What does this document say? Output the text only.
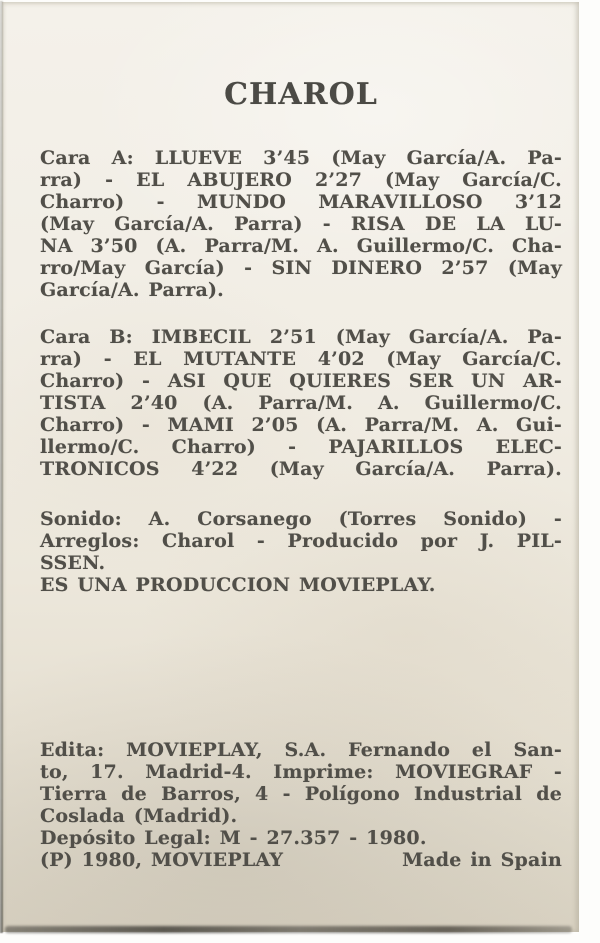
CHAROL
Cara A: LLUEVE 3’45 (May García/A. Pa-
rra) - EL ABUJERO 2’27 (May García/C.
Charro) - MUNDO MARAVILLOSO 3’12
(May García/A. Parra) - RISA DE LA LU-
NA 3’50 (A. Parra/M. A. Guillermo/C. Cha-
rro/May García) - SIN DINERO 2’57 (May
García/A. Parra).
Cara B: IMBECIL 2’51 (May García/A. Pa-
rra) - EL MUTANTE 4’02 (May García/C.
Charro) - ASI QUE QUIERES SER UN AR-
TISTA 2’40 (A. Parra/M. A. Guillermo/C.
Charro) - MAMI 2’05 (A. Parra/M. A. Gui-
llermo/C. Charro) - PAJARILLOS ELEC-
TRONICOS 4’22 (May García/A. Parra).
Sonido: A. Corsanego (Torres Sonido) -
Arreglos: Charol - Producido por J. PIL-
SSEN.
ES UNA PRODUCCION MOVIEPLAY.
Edita: MOVIEPLAY, S.A. Fernando el San-
to, 17. Madrid-4. Imprime: MOVIEGRAF -
Tierra de Barros, 4 - Polígono Industrial de
Coslada (Madrid).
Depósito Legal: M - 27.357 - 1980.
(P) 1980, MOVIEPLAY	Made in Spain
